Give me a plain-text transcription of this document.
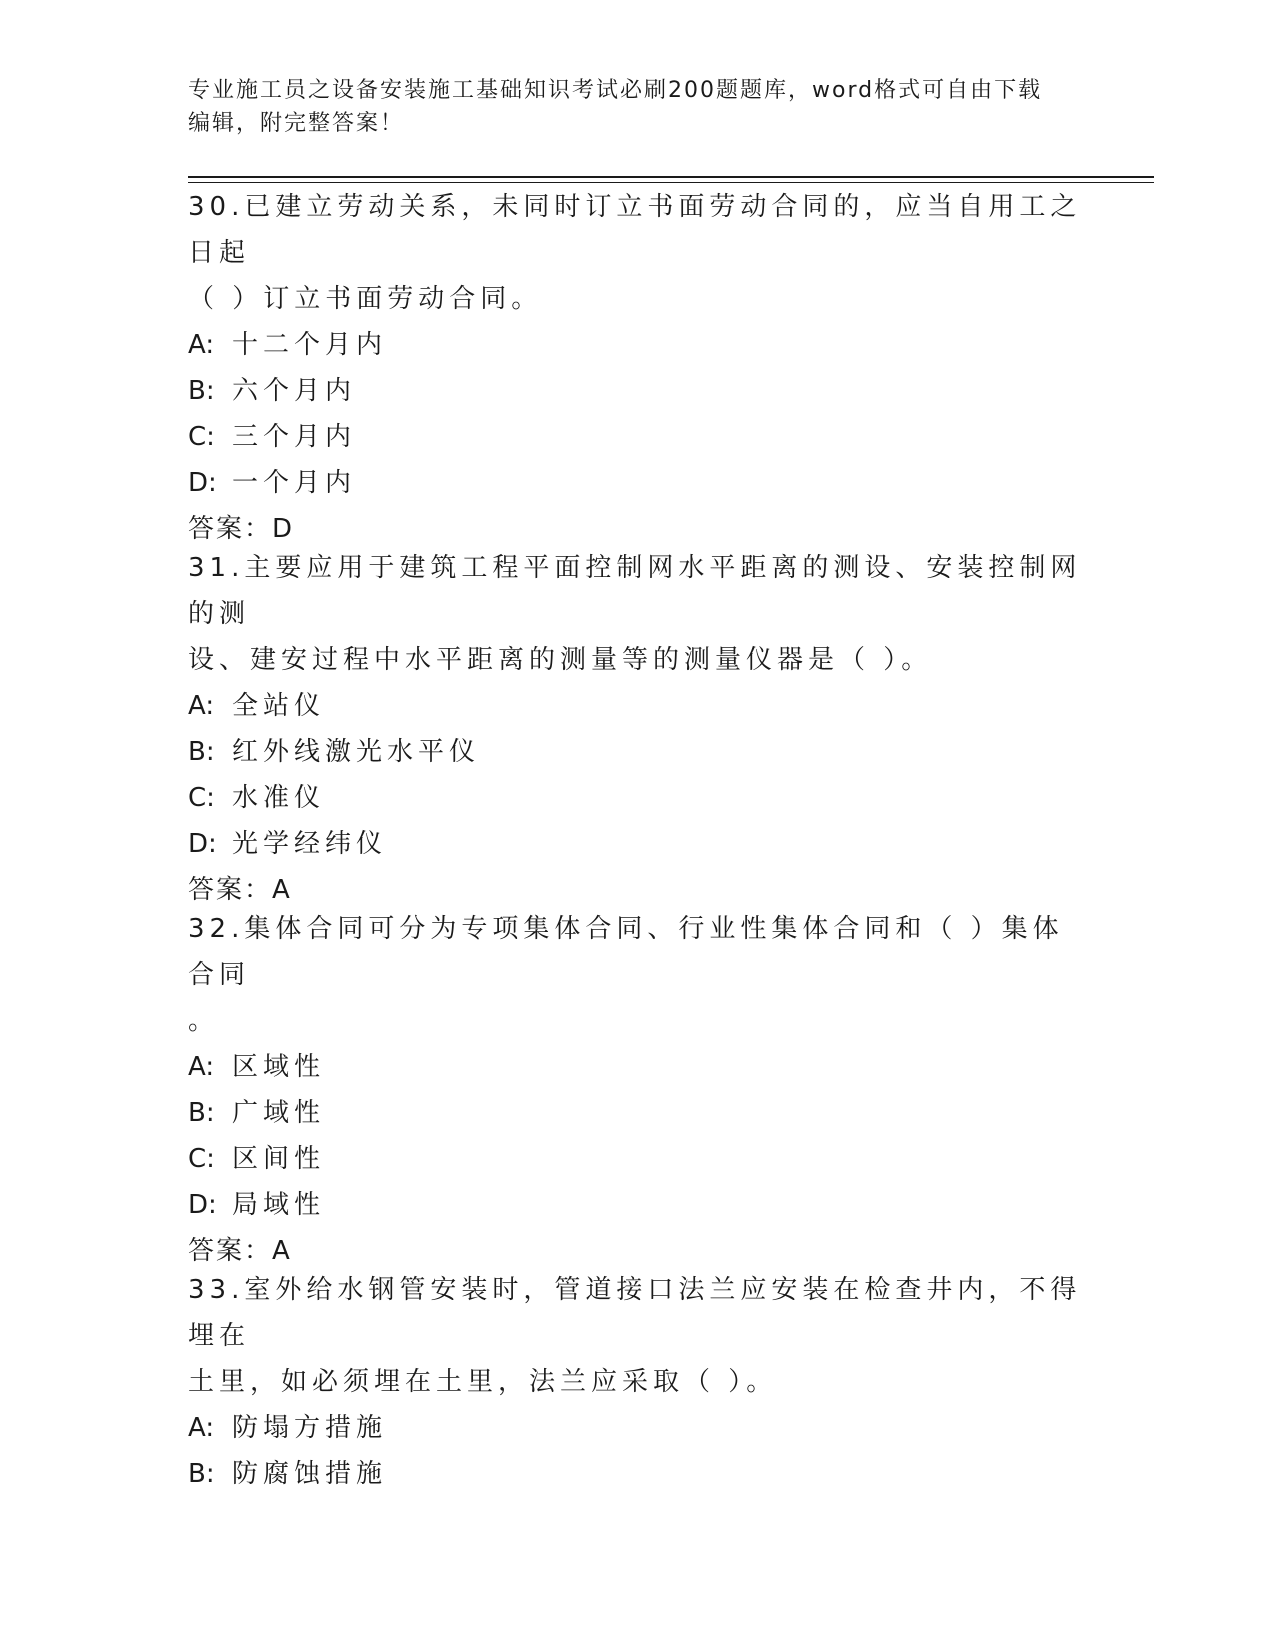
专业施工员之设备安装施工基础知识考试必刷200题题库，word格式可自由下载
编辑，附完整答案！
30.已建立劳动关系，未同时订立书面劳动合同的，应当自用工之日起
（ ）订立书面劳动合同。
A: 十二个月内
B: 六个月内
C: 三个月内
D: 一个月内
答案：D
31.主要应用于建筑工程平面控制网水平距离的测设、安装控制网的测
设、建安过程中水平距离的测量等的测量仪器是（ ）。
A: 全站仪
B: 红外线激光水平仪
C: 水准仪
D: 光学经纬仪
答案：A
32.集体合同可分为专项集体合同、行业性集体合同和（ ）集体合同
。
A: 区域性
B: 广域性
C: 区间性
D: 局域性
答案：A
33.室外给水钢管安装时，管道接口法兰应安装在检查井内，不得埋在
土里，如必须埋在土里，法兰应采取（ ）。
A: 防塌方措施
B: 防腐蚀措施
